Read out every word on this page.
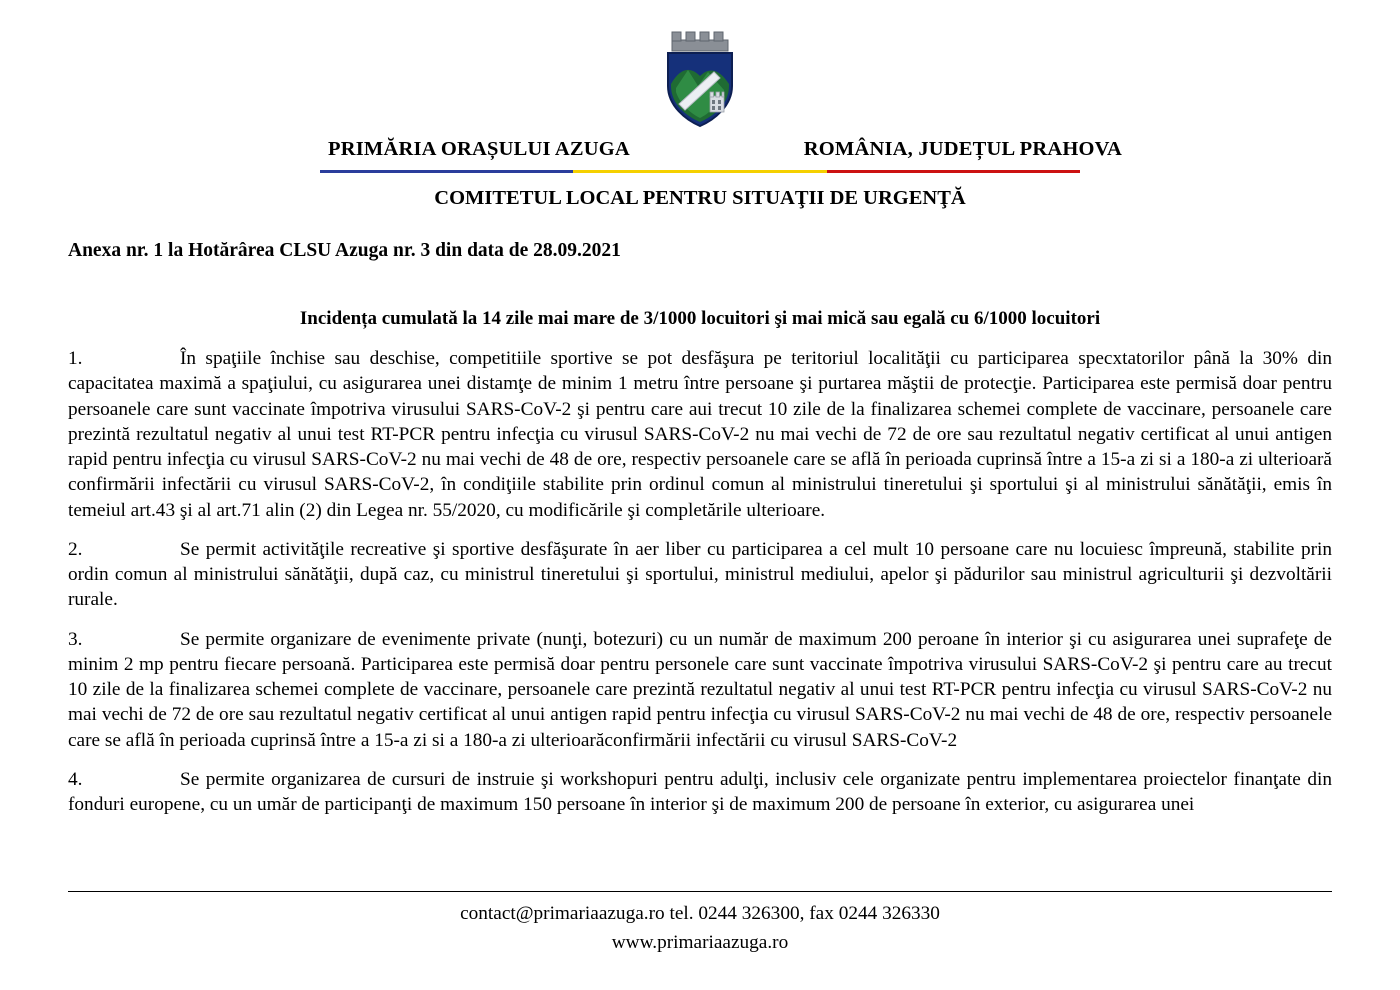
PRIMĂRIA ORAȘULUI AZUGA	ROMÂNIA, JUDEȚUL PRAHOVA
COMITETUL LOCAL PENTRU SITUAŢII DE URGENŢĂ
Anexa nr. 1 la Hotărârea CLSU Azuga nr. 3 din data de 28.09.2021
Incidența cumulată la 14 zile mai mare de 3/1000 locuitori şi mai mică sau egală cu 6/1000 locuitori

1.	În spaţiile închise sau deschise, competitiile sportive se pot desfăşura pe teritoriul localităţii cu participarea specxtatorilor până la 30% din capacitatea maximă a spaţiului, cu asigurarea unei distamţe de minim 1 metru între persoane şi purtarea măştii de protecţie. Participarea este permisă doar pentru persoanele care sunt vaccinate împotriva virusului SARS-CoV-2 şi pentru care aui trecut 10 zile de la finalizarea schemei complete de vaccinare, persoanele care prezintă rezultatul negativ al unui test RT-PCR pentru infecţia cu virusul SARS-CoV-2 nu mai vechi de 72 de ore sau rezultatul negativ certificat al unui antigen rapid pentru infecţia cu virusul SARS-CoV-2 nu mai vechi de 48 de ore, respectiv persoanele care se află în perioada cuprinsă între a 15-a zi si a 180-a zi ulterioară confirmării infectării cu virusul SARS-CoV-2, în condiţiile stabilite prin ordinul comun al ministrului tineretului şi sportului şi al ministrului sănătăţii, emis în temeiul art.43 şi al art.71 alin (2) din Legea nr. 55/2020, cu modificările şi completările ulterioare.

2.	Se permit activităţile recreative şi sportive desfăşurate în aer liber cu participarea a cel mult 10 persoane care nu locuiesc împreună, stabilite prin ordin comun al ministrului sănătăţii, după caz, cu ministrul tineretului şi sportului, ministrul mediului, apelor şi pădurilor sau ministrul agriculturii şi dezvoltării rurale.

3.	Se permite organizare de evenimente private (nunţi, botezuri) cu un număr de maximum 200 peroane în interior şi cu asigurarea unei suprafeţe de minim 2 mp pentru fiecare persoană. Participarea este permisă doar pentru personele care sunt vaccinate împotriva virusului SARS-CoV-2 şi pentru care au trecut 10 zile de la finalizarea schemei complete de vaccinare, persoanele care prezintă rezultatul negativ al unui test RT-PCR pentru infecţia cu virusul SARS-CoV-2 nu mai vechi de 72 de ore sau rezultatul negativ certificat al unui antigen rapid pentru infecţia cu virusul SARS-CoV-2 nu mai vechi de 48 de ore, respectiv persoanele care se află în perioada cuprinsă între a 15-a zi si a 180-a zi ulterioarăconfirmării infectării cu virusul SARS-CoV-2

4.	Se permite organizarea de cursuri de instruie şi workshopuri pentru adulţi, inclusiv cele organizate pentru implementarea proiectelor finanţate din fonduri europene, cu un umăr de participanţi de maximum 150 persoane în interior şi de maximum 200 de persoane în exterior, cu asigurarea unei

contact@primariaazuga.ro tel. 0244 326300, fax 0244 326330
www.primariaazuga.ro
